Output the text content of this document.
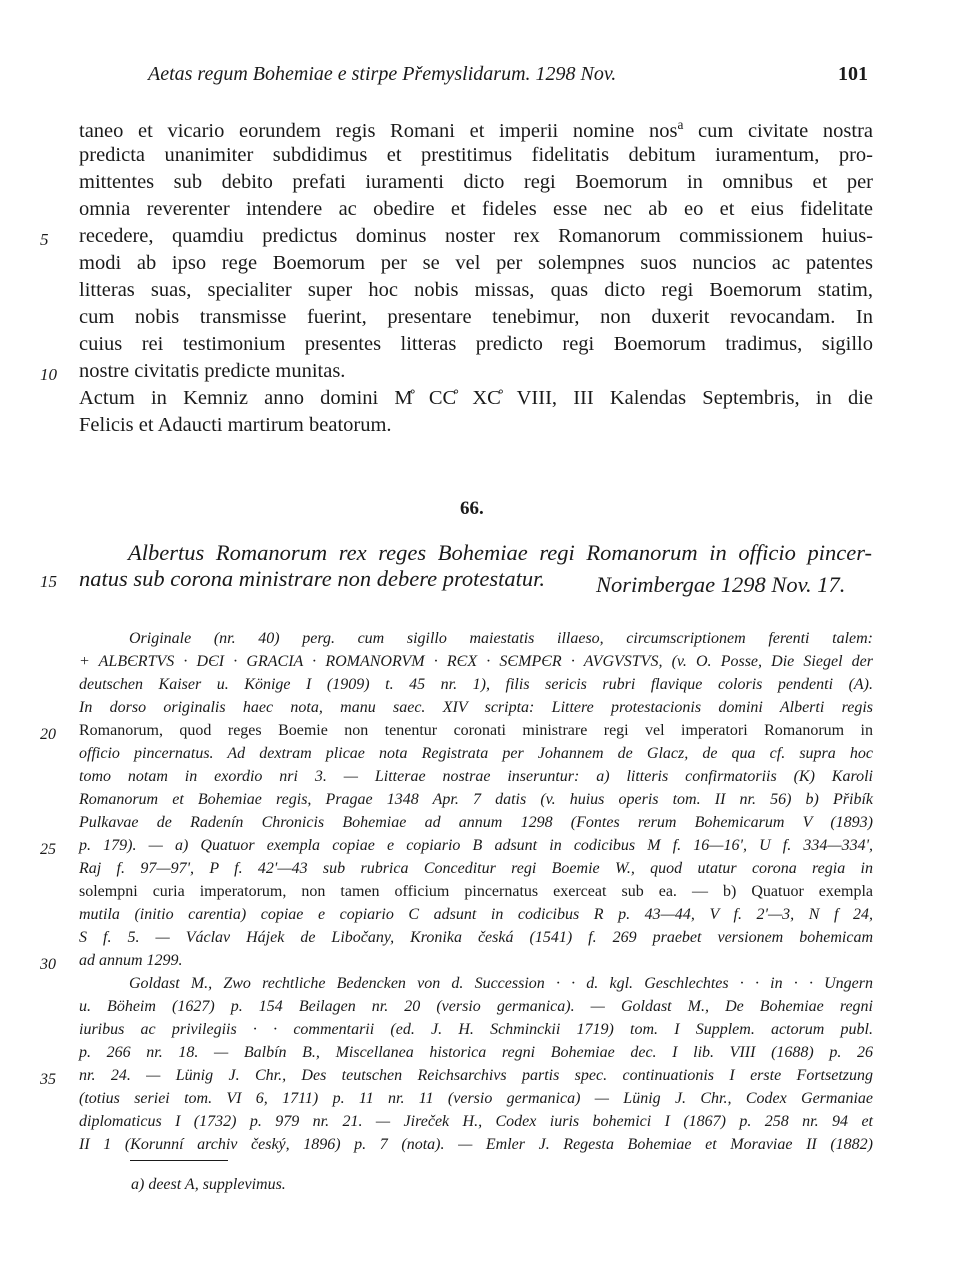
Aetas regum Bohemiae e stirpe Přemyslidarum. 1298 Nov.	101
taneo et vicario eorundem regis Romani et imperii nomine nos$^a$ cum civitate nostra
predicta unanimiter subdidimus et prestitimus fidelitatis debitum iuramentum, pro-
mittentes sub debito prefati iuramenti dicto regi Boemorum in omnibus et per
omnia reverenter intendere ac obedire et fideles esse nec ab eo et eius fidelitate
recedere, quamdiu predictus dominus noster rex Romanorum commissionem huius-
modi ab ipso rege Boemorum per se vel per solempnes suos nuncios ac patentes
litteras suas, specialiter super hoc nobis missas, quas dicto regi Boemorum statim,
cum nobis transmisse fuerint, presentare tenebimur, non duxerit revocandam. In
cuius rei testimonium presentes litteras predicto regi Boemorum tradimus, sigillo
nostre civitatis predicte munitas.
Actum in Kemniz anno domini M̊ CC̊ XC̊ VIII, III Kalendas Septembris, in die
Felicis et Adaucti martirum beatorum.
5
10
66.
Albertus Romanorum rex reges Bohemiae regi Romanorum in officio pincer-
natus sub corona ministrare non debere protestatur. Norimbergae 1298 Nov. 17.
15
Originale (nr. 40) perg. cum sigillo maiestatis illaeso, circumscriptionem ferenti talem:
+ ALBЄRTVS · DЄI · GRACIA · ROMANORVM · RЄX · SЄMPЄR · AVGVSTVS, (v. O. Posse, Die Siegel der
deutschen Kaiser u. Könige I (1909) t. 45 nr. 1), filis sericis rubri flavique coloris pendenti (A).
In dorso originalis haec nota, manu saec. XIV scripta: Littere protestacionis domini Alberti regis
Romanorum, quod reges Boemie non tenentur coronati ministrare regi vel imperatori Romanorum in
officio pincernatus. Ad dextram plicae nota Registrata per Johannem de Glacz, de qua cf. supra hoc
tomo notam in exordio nri 3. — Litterae nostrae inseruntur: a) litteris confirmatoriis (K) Karoli
Romanorum et Bohemiae regis, Pragae 1348 Apr. 7 datis (v. huius operis tom. II nr. 56) b) Přibík
Pulkavae de Radenín Chronicis Bohemiae ad annum 1298 (Fontes rerum Bohemicarum V (1893)
p. 179). — a) Quatuor exempla copiae e copiario B adsunt in codicibus M f. 16—16', U f. 334—334',
Raj f. 97—97', P f. 42'—43 sub rubrica Conceditur regi Boemie W., quod utatur corona regia in
solempni curia imperatorum, non tamen officium pincernatus exerceat sub ea. — b) Quatuor exempla
mutila (initio carentia) copiae e copiario C adsunt in codicibus R p. 43—44, V f. 2'—3, N f 24,
S f. 5. — Václav Hájek de Libočany, Kronika česká (1541) f. 269 praebet versionem bohemicam
ad annum 1299.
Goldast M., Zwo rechtliche Bedencken von d. Succession · · d. kgl. Geschlechtes · · in · · Ungern
u. Böheim (1627) p. 154 Beilagen nr. 20 (versio germanica). — Goldast M., De Bohemiae regni
iuribus ac privilegiis · · commentarii (ed. J. H. Schminckii 1719) tom. I Supplem. actorum publ.
p. 266 nr. 18. — Balbín B., Miscellanea historica regni Bohemiae dec. I lib. VIII (1688) p. 26
nr. 24. — Lünig J. Chr., Des teutschen Reichsarchivs partis spec. continuationis I erste Fortsetzung
(totius seriei tom. VI 6, 1711) p. 11 nr. 11 (versio germanica) — Lünig J. Chr., Codex Germaniae
diplomaticus I (1732) p. 979 nr. 21. — Jireček H., Codex iuris bohemici I (1867) p. 258 nr. 94 et
II 1 (Korunní archiv český, 1896) p. 7 (nota). — Emler J. Regesta Bohemiae et Moraviae II (1882)
20
25
30
35
a) deest A, supplevimus.
